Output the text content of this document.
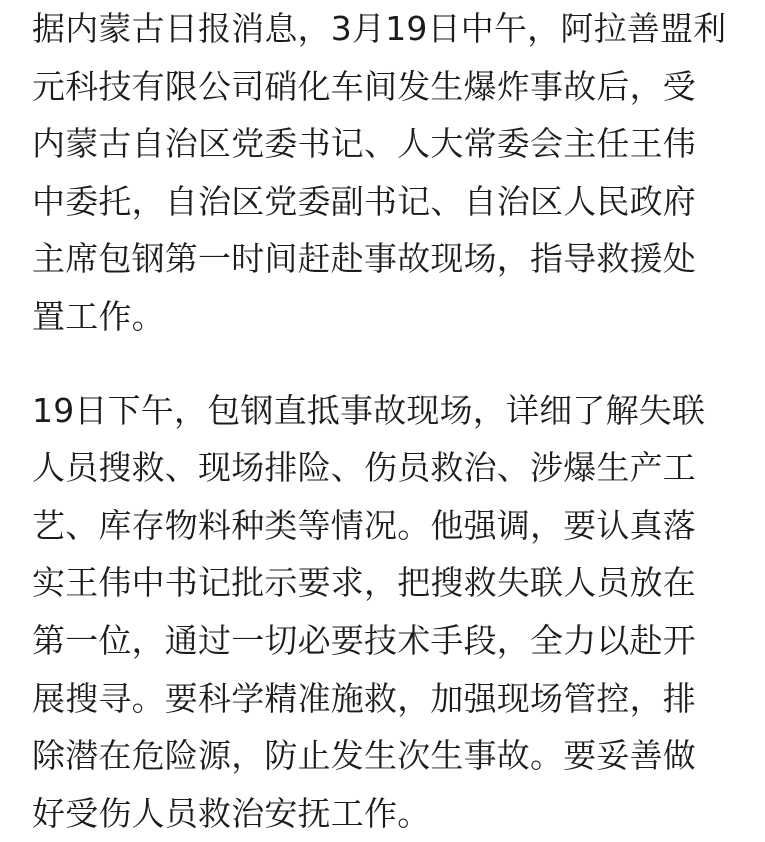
据内蒙古日报消息，3月19日中午，阿拉善盟利
元科技有限公司硝化车间发生爆炸事故后，受
内蒙古自治区党委书记、人大常委会主任王伟
中委托，自治区党委副书记、自治区人民政府
主席包钢第一时间赶赴事故现场，指导救援处
置工作。
19日下午，包钢直抵事故现场，详细了解失联
人员搜救、现场排险、伤员救治、涉爆生产工
艺、库存物料种类等情况。他强调，要认真落
实王伟中书记批示要求，把搜救失联人员放在
第一位，通过一切必要技术手段，全力以赴开
展搜寻。要科学精准施救，加强现场管控，排
除潜在危险源，防止发生次生事故。要妥善做
好受伤人员救治安抚工作。
